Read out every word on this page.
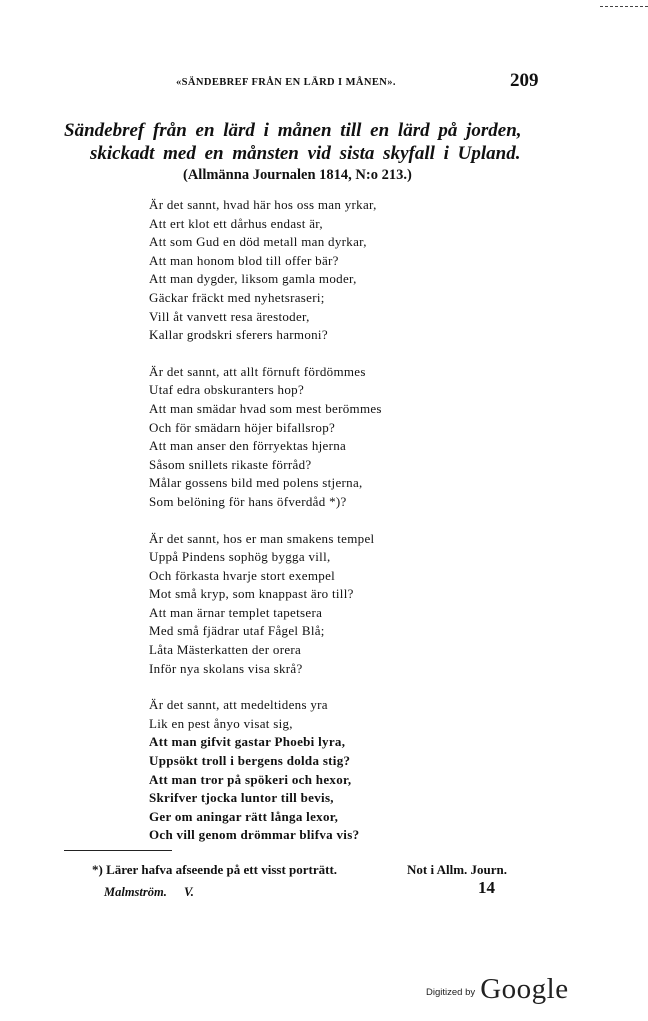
«SÄNDEBREF FRÅN EN LÄRD I MÅNEN».	209
Sändebref från en lärd i månen till en lärd på jorden,
skickadt med en månsten vid sista skyfall i Upland.
(Allmänna Journalen 1814, N:o 213.)
Är det sannt, hvad här hos oss man yrkar,
Att ert klot ett dårhus endast är,
Att som Gud en död metall man dyrkar,
Att man honom blod till offer bär?
Att man dygder, liksom gamla moder,
Gäckar fräckt med nyhetsraseri;
Vill åt vanvett resa ärestoder,
Kallar grodskri sferers harmoni?
Är det sannt, att allt förnuft fördömmes
Utaf edra obskuranters hop?
Att man smädar hvad som mest berömmes
Och för smädarn höjer bifallsrop?
Att man anser den förryektas hjerna
Såsom snillets rikaste förråd?
Målar gossens bild med polens stjerna,
Som belöning för hans öfverdåd *)?
Är det sannt, hos er man smakens tempel
Uppå Pindens sophög bygga vill,
Och förkasta hvarje stort exempel
Mot små kryp, som knappast äro till?
Att man ärnar templet tapetsera
Med små fjädrar utaf Fågel Blå;
Låta Mästerkatten der orera
Inför nya skolans visa skrå?
Är det sannt, att medeltidens yra
Lik en pest ånyo visat sig,
Att man gifvit gastar Phoebi lyra,
Uppsökt troll i bergens dolda stig?
Att man tror på spökeri och hexor,
Skrifver tjocka luntor till bevis,
Ger om aningar rätt långa lexor,
Och vill genom drömmar blifva vis?
*) Lärer hafva afseende på ett visst porträtt.	Not i Allm. Journ.
Malmström. V.	14
Digitized by Google
